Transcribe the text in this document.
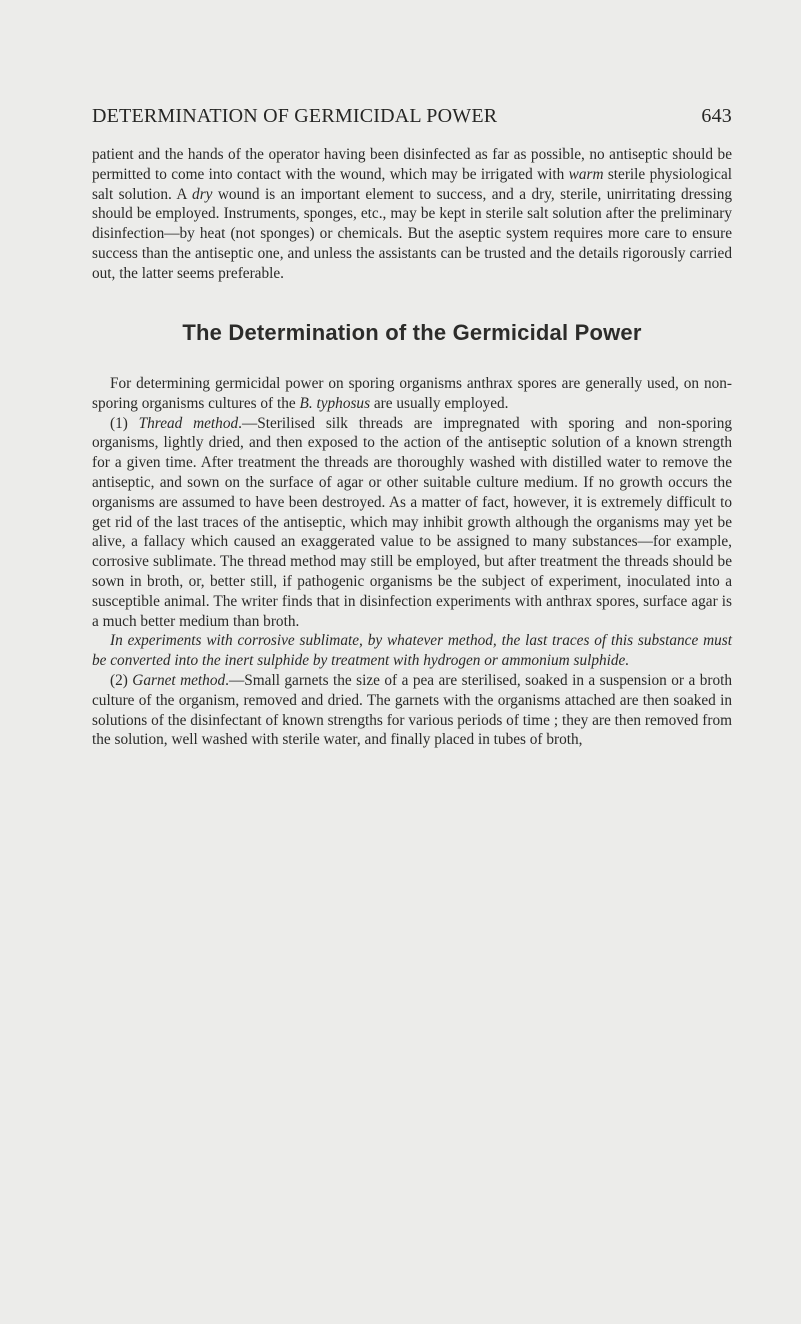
DETERMINATION OF GERMICIDAL POWER	643

patient and the hands of the operator having been disinfected as far as possible, no antiseptic should be permitted to come into contact with the wound, which may be irrigated with warm sterile physiological salt solution. A dry wound is an important element to success, and a dry, sterile, unirritating dressing should be employed. Instruments, sponges, etc., may be kept in sterile salt solution after the preliminary disinfection—by heat (not sponges) or chemicals. But the aseptic system requires more care to ensure success than the antiseptic one, and unless the assistants can be trusted and the details rigorously carried out, the latter seems preferable.

The Determination of the Germicidal Power

For determining germicidal power on sporing organisms anthrax spores are generally used, on non-sporing organisms cultures of the B. typhosus are usually employed.

(1) Thread method.—Sterilised silk threads are impregnated with sporing and non-sporing organisms, lightly dried, and then exposed to the action of the antiseptic solution of a known strength for a given time. After treatment the threads are thoroughly washed with distilled water to remove the antiseptic, and sown on the surface of agar or other suitable culture medium. If no growth occurs the organisms are assumed to have been destroyed. As a matter of fact, however, it is extremely difficult to get rid of the last traces of the antiseptic, which may inhibit growth although the organisms may yet be alive, a fallacy which caused an exaggerated value to be assigned to many substances—for example, corrosive sublimate. The thread method may still be employed, but after treatment the threads should be sown in broth, or, better still, if pathogenic organisms be the subject of experiment, inoculated into a susceptible animal. The writer finds that in disinfection experiments with anthrax spores, surface agar is a much better medium than broth.

In experiments with corrosive sublimate, by whatever method, the last traces of this substance must be converted into the inert sulphide by treatment with hydrogen or ammonium sulphide.

(2) Garnet method.—Small garnets the size of a pea are sterilised, soaked in a suspension or a broth culture of the organism, removed and dried. The garnets with the organisms attached are then soaked in solutions of the disinfectant of known strengths for various periods of time ; they are then removed from the solution, well washed with sterile water, and finally placed in tubes of broth,
